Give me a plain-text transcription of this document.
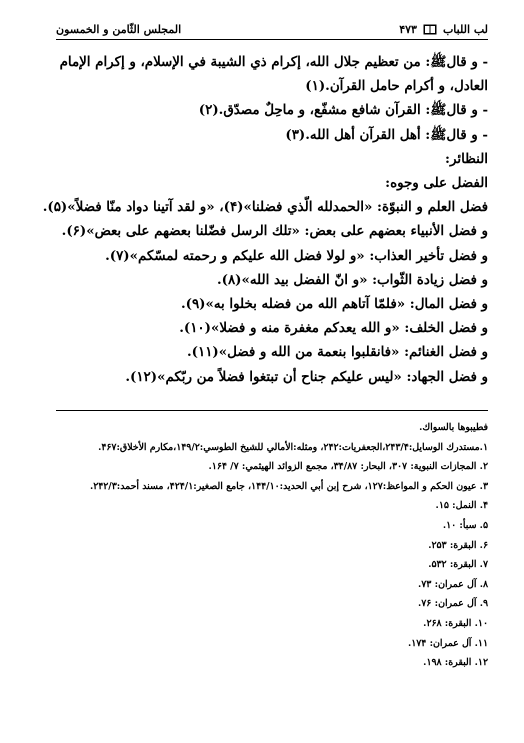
لب اللباب
۴۷۳
المجلس الثّامن و الخمسون
- و قالﷺ: من تعظيم جلال الله، إكرام ذي الشيبة في الإسلام، و إكرام الإمام
العادل، و أكرام حامل القرآن.(۱)
- و قالﷺ: القرآن شافع مشفّع، و ماحِلٌ مصدّق.(۲)
- و قالﷺ: أهل القرآن أهل الله.(۳)
النظائر:
الفضل على وجوه:
فضل العلم و النبوّة: «الحمدلله الّذي فضلنا»(۴)، «و لقد آتينا دواد منّا فضلاً»(۵).
و فضل الأنبياء بعضهم على بعض: «تلك الرسل فضّلنا بعضهم على بعض»(۶).
و فضل تأخير العذاب: «و لولا فضل الله عليكم و رحمته لمسّكم»(۷).
و فضل زيادة الثّواب: «و انّ الفضل بيد الله»(۸).
و فضل المال: «فلمّا آتاهم الله من فضله بخلوا به»(۹).
و فضل الخلف: «و الله يعدكم مغفرة منه و فضلا»(۱۰).
و فضل الغنائم: «فانقلبوا بنعمة من الله و فضل»(۱۱).
و فضل الجهاد: «ليس عليكم جناح أن تبتغوا فضلاً من ربّكم»(۱۲).
فطيبوها بالسواك.
۱.مستدرك الوسايل:۲۴۳/۴،الجعفريات:۲۴۲، ومثله:الأمالي للشيخ الطوسي:۱۴۹/۲،مكارم الأخلاق:۴۶۷.
۲. المجازات النبوية: ۳۰۷، البحار: ۳۴/۸۷، مجمع الزوائد الهيثمي: ۷/ ۱۶۴.
۳. عيون الحكم و المواعظ:۱۲۷، شرح إبن أبي الحديد:۱۴۴/۱۰، جامع الصغير:۴۲۴/۱، مسند أحمد:۲۴۲/۳.
۴. النمل: ۱۵.
۵. سبأ: ۱۰.
۶. البقرة: ۲۵۳.
۷. البقرة: ۵۳۲.
۸. آل عمران: ۷۳.
۹. آل عمران: ۷۶.
۱۰. البقرة: ۲۶۸.
۱۱. آل عمران: ۱۷۴.
۱۲. البقرة: ۱۹۸.
